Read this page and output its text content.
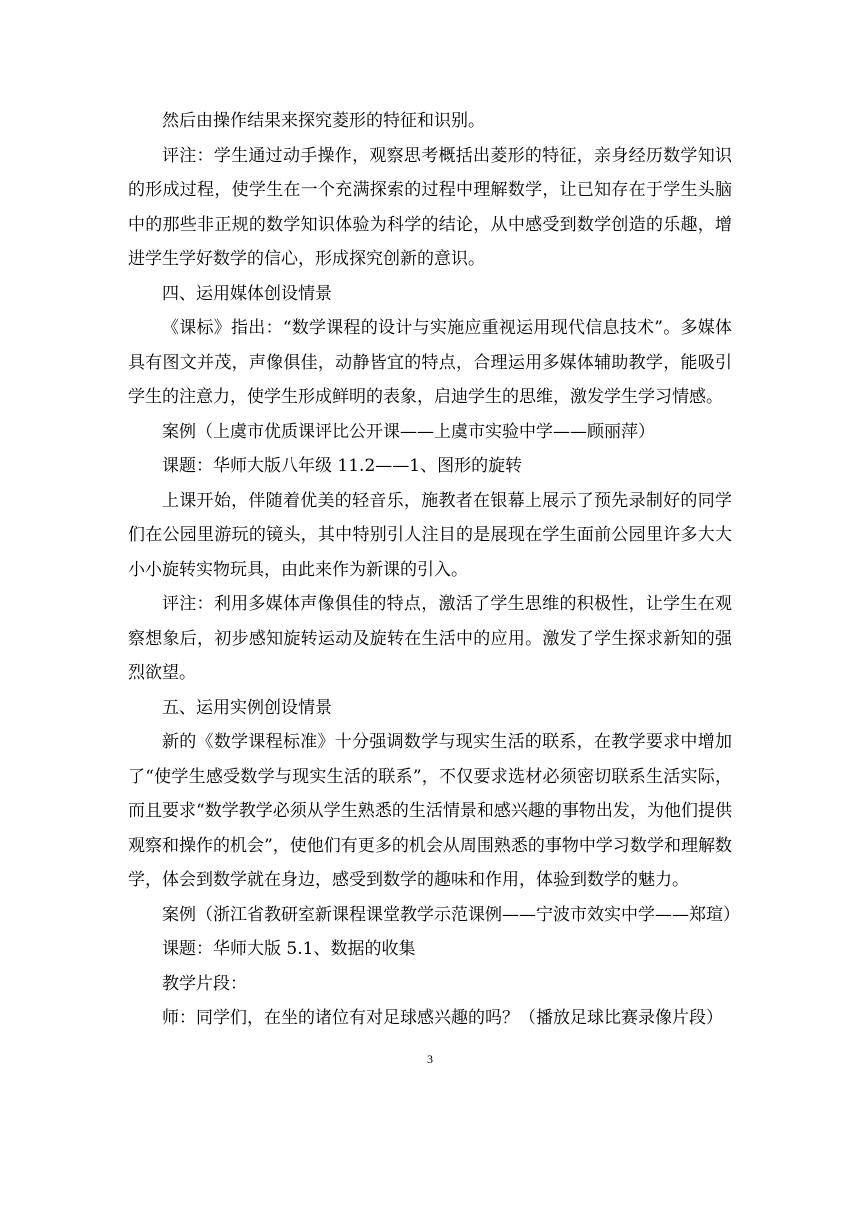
然后由操作结果来探究菱形的特征和识别。

评注：学生通过动手操作，观察思考概括出菱形的特征，亲身经历数学知识的形成过程，使学生在一个充满探索的过程中理解数学，让已知存在于学生头脑中的那些非正规的数学知识体验为科学的结论，从中感受到数学创造的乐趣，增进学生学好数学的信心，形成探究创新的意识。

四、运用媒体创设情景

《课标》指出：“数学课程的设计与实施应重视运用现代信息技术”。多媒体具有图文并茂，声像俱佳，动静皆宜的特点，合理运用多媒体辅助教学，能吸引学生的注意力，使学生形成鲜明的表象，启迪学生的思维，激发学生学习情感。

案例（上虞市优质课评比公开课——上虞市实验中学——顾丽萍）

课题：华师大版八年级 11.2——1、图形的旋转

上课开始，伴随着优美的轻音乐，施教者在银幕上展示了预先录制好的同学们在公园里游玩的镜头，其中特别引人注目的是展现在学生面前公园里许多大大小小旋转实物玩具，由此来作为新课的引入。

评注：利用多媒体声像俱佳的特点，激活了学生思维的积极性，让学生在观察想象后，初步感知旋转运动及旋转在生活中的应用。激发了学生探求新知的强烈欲望。

五、运用实例创设情景

新的《数学课程标准》十分强调数学与现实生活的联系，在教学要求中增加了“使学生感受数学与现实生活的联系”，不仅要求选材必须密切联系生活实际，而且要求“数学教学必须从学生熟悉的生活情景和感兴趣的事物出发，为他们提供观察和操作的机会”，使他们有更多的机会从周围熟悉的事物中学习数学和理解数学，体会到数学就在身边，感受到数学的趣味和作用，体验到数学的魅力。

案例（浙江省教研室新课程课堂教学示范课例——宁波市效实中学——郑瑄）

课题：华师大版 5.1、数据的收集

教学片段：

师：同学们，在坐的诸位有对足球感兴趣的吗？（播放足球比赛录像片段）

3
